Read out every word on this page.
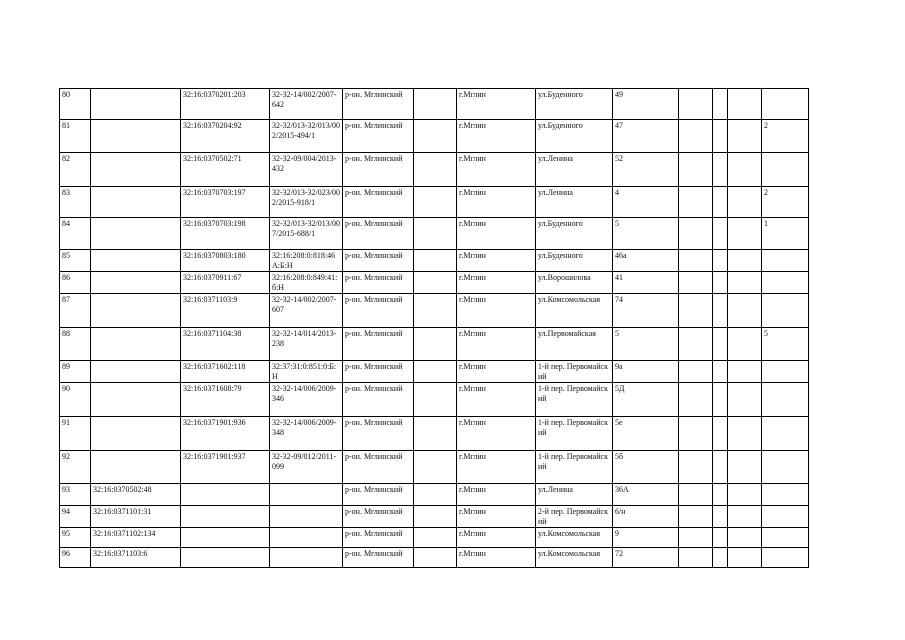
80		32:16:0370201:203	32-32-14/002/2007-642	р-он. Мглинский		г.Мглин	ул.Буденного	49				
81		32:16:0370204:92	32-32/013-32/013/002/2015-494/1	р-он. Мглинский		г.Мглин	ул.Буденного	47				2
82		32:16:0370502:71	32-32-09/004/2013-432	р-он. Мглинский		г.Мглин	ул.Ленина	52				
83		32:16:0370703:197	32-32/013-32/023/002/2015-918/1	р-он. Мглинский		г.Мглин	ул.Ленина	4				2
84		32:16:0370703:198	32-32/013-32/013/007/2015-688/1	р-он. Мглинский		г.Мглин	ул.Буденного	5				1
85		32:16:0370803:180	32:16:208:0:818:46А:Б:Н	р-он. Мглинский		г.Мглин	ул.Буденного	46а				
86		32:16:0370911:67	32:16:208:0:849:41:б:Н	р-он. Мглинский		г.Мглин	ул.Ворошилова	41				
87		32:16:0371103:9	32-32-14/002/2007-607	р-он. Мглинский		г.Мглин	ул.Комсомольская	74				
88		32:16:0371104:38	32-32-14/014/2013-238	р-он. Мглинский		г.Мглин	ул.Первомайская	5				5
89		32:16:0371602:118	32:37:31:0:851:0:Б:Н	р-он. Мглинский		г.Мглин	1-й пер. Первомайский	9а				
90		32:16:0371608:79	32-32-14/006/2009-346	р-он. Мглинский		г.Мглин	1-й пер. Первомайский	5Д				
91		32:16:0371901:936	32-32-14/006/2009-348	р-он. Мглинский		г.Мглин	1-й пер. Первомайский	5е				
92		32:16:0371901:937	32-32-09/012/2011-099	р-он. Мглинский		г.Мглин	1-й пер. Первомайский	5б				
93	32:16:0370502:48			р-он. Мглинский		г.Мглин	ул.Ленина	36А				
94	32:16:0371101:31			р-он. Мглинский		г.Мглин	2-й пер. Первомайский	6/н				
95	32:16:0371102:134			р-он. Мглинский		г.Мглин	ул.Комсомольская	9				
96	32:16:0371103:6			р-он. Мглинский		г.Мглин	ул.Комсомольская	72				
